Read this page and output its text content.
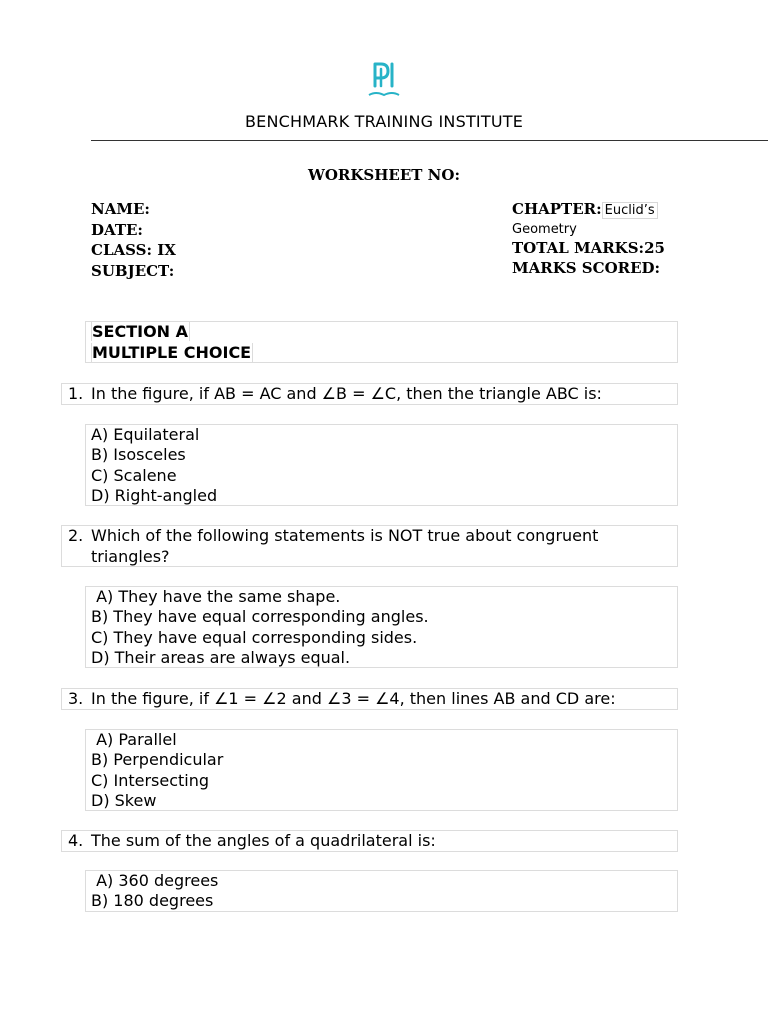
BENCHMARK TRAINING INSTITUTE
WORKSHEET NO:
NAME:
DATE:
CLASS: IX
SUBJECT:
CHAPTER: Euclid’s
Geometry
TOTAL MARKS:25
MARKS SCORED:
SECTION A
MULTIPLE CHOICE
1. In the figure, if AB = AC and ∠B = ∠C, then the triangle ABC is:
A) Equilateral
B) Isosceles
C) Scalene
D) Right-angled
2. Which of the following statements is NOT true about congruent triangles?
A) They have the same shape.
B) They have equal corresponding angles.
C) They have equal corresponding sides.
D) Their areas are always equal.
3. In the figure, if ∠1 = ∠2 and ∠3 = ∠4, then lines AB and CD are:
A) Parallel
B) Perpendicular
C) Intersecting
D) Skew
4. The sum of the angles of a quadrilateral is:
A) 360 degrees
B) 180 degrees
